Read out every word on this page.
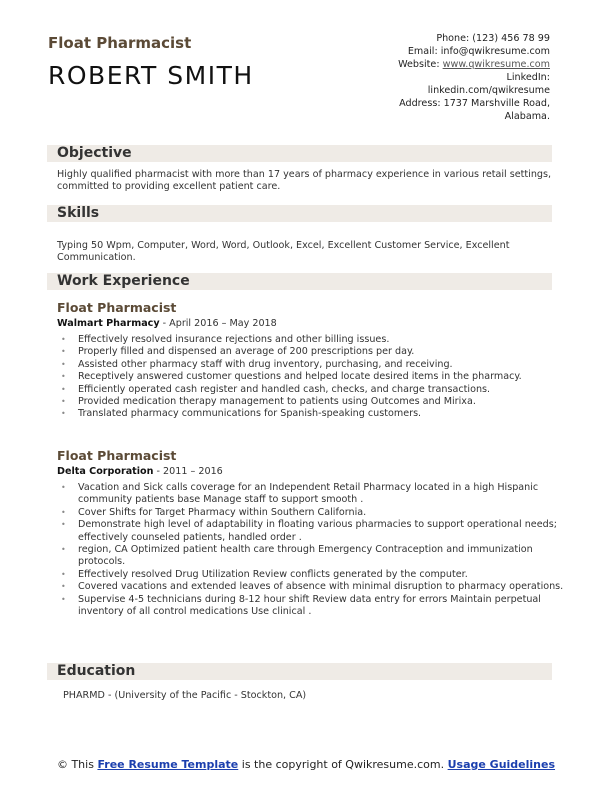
Float Pharmacist
ROBERT SMITH
Phone: (123) 456 78 99
Email: info@qwikresume.com
Website: www.qwikresume.com
LinkedIn:
linkedin.com/qwikresume
Address: 1737 Marshville Road,
Alabama.
Objective
Highly qualified pharmacist with more than 17 years of pharmacy experience in various retail settings, committed to providing excellent patient care.
Skills
Typing 50 Wpm, Computer, Word, Word, Outlook, Excel, Excellent Customer Service, Excellent Communication.
Work Experience
Float Pharmacist
Walmart Pharmacy - April 2016 – May 2018
• Effectively resolved insurance rejections and other billing issues.
• Properly filled and dispensed an average of 200 prescriptions per day.
• Assisted other pharmacy staff with drug inventory, purchasing, and receiving.
• Receptively answered customer questions and helped locate desired items in the pharmacy.
• Efficiently operated cash register and handled cash, checks, and charge transactions.
• Provided medication therapy management to patients using Outcomes and Mirixa.
• Translated pharmacy communications for Spanish-speaking customers.
Float Pharmacist
Delta Corporation - 2011 – 2016
• Vacation and Sick calls coverage for an Independent Retail Pharmacy located in a high Hispanic community patients base Manage staff to support smooth .
• Cover Shifts for Target Pharmacy within Southern California.
• Demonstrate high level of adaptability in floating various pharmacies to support operational needs; effectively counseled patients, handled order .
• region, CA Optimized patient health care through Emergency Contraception and immunization protocols.
• Effectively resolved Drug Utilization Review conflicts generated by the computer.
• Covered vacations and extended leaves of absence with minimal disruption to pharmacy operations.
• Supervise 4-5 technicians during 8-12 hour shift Review data entry for errors Maintain perpetual inventory of all control medications Use clinical .
Education
PHARMD - (University of the Pacific - Stockton, CA)
© This Free Resume Template is the copyright of Qwikresume.com. Usage Guidelines
